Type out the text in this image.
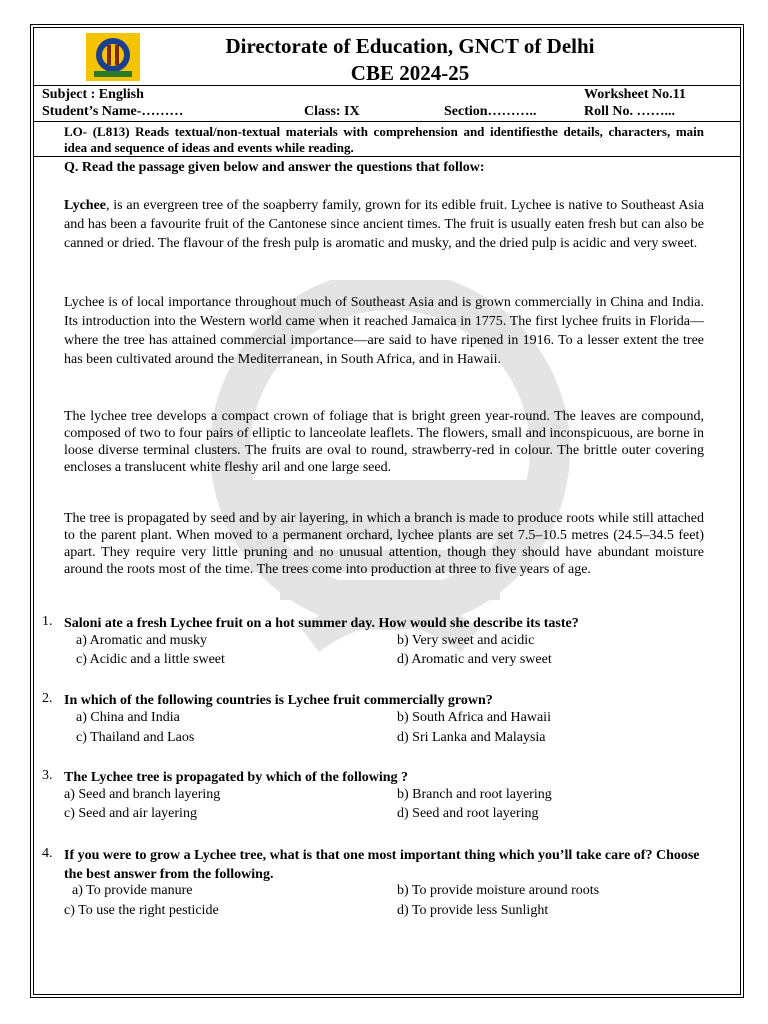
Directorate of Education, GNCT of Delhi
CBE 2024-25
Subject : English	Worksheet No.11
Student’s Name-………	Class: IX	Section………..	Roll No. ……...
LO- (L813) Reads textual/non-textual materials with comprehension and identifiesthe details, characters, main idea and sequence of ideas and events while reading.
Q. Read the passage given below and answer the questions that follow:
Lychee, is an evergreen tree of the soapberry family, grown for its edible fruit. Lychee is native to Southeast Asia and has been a favourite fruit of the Cantonese since ancient times. The fruit is usually eaten fresh but can also be canned or dried. The flavour of the fresh pulp is aromatic and musky, and the dried pulp is acidic and very sweet.
Lychee is of local importance throughout much of Southeast Asia and is grown commercially in China and India. Its introduction into the Western world came when it reached Jamaica in 1775. The first lychee fruits in Florida—where the tree has attained commercial importance—are said to have ripened in 1916. To a lesser extent the tree has been cultivated around the Mediterranean, in South Africa, and in Hawaii.
The lychee tree develops a compact crown of foliage that is bright green year-round. The leaves are compound, composed of two to four pairs of elliptic to lanceolate leaflets. The flowers, small and inconspicuous, are borne in loose diverse terminal clusters. The fruits are oval to round, strawberry-red in colour. The brittle outer covering encloses a translucent white fleshy aril and one large seed.
The tree is propagated by seed and by air layering, in which a branch is made to produce roots while still attached to the parent plant. When moved to a permanent orchard, lychee plants are set 7.5–10.5 metres (24.5–34.5 feet) apart. They require very little pruning and no unusual attention, though they should have abundant moisture around the roots most of the time. The trees come into production at three to five years of age.
1. Saloni ate a fresh Lychee fruit on a hot summer day. How would she describe its taste?
a) Aromatic and musky	b) Very sweet and acidic
c) Acidic and a little sweet	d) Aromatic and very sweet
2. In which of the following countries is Lychee fruit commercially grown?
a) China and India	b) South Africa and Hawaii
c) Thailand and Laos	d) Sri Lanka and Malaysia
3. The Lychee tree is propagated by which of the following ?
a) Seed and branch layering	b) Branch and root layering
c) Seed and air layering	d) Seed and root layering
4. If you were to grow a Lychee tree, what is that one most important thing which you’ll take care of? Choose the best answer from the following.
a) To provide manure	b) To provide moisture around roots
c) To use the right pesticide	d) To provide less Sunlight
